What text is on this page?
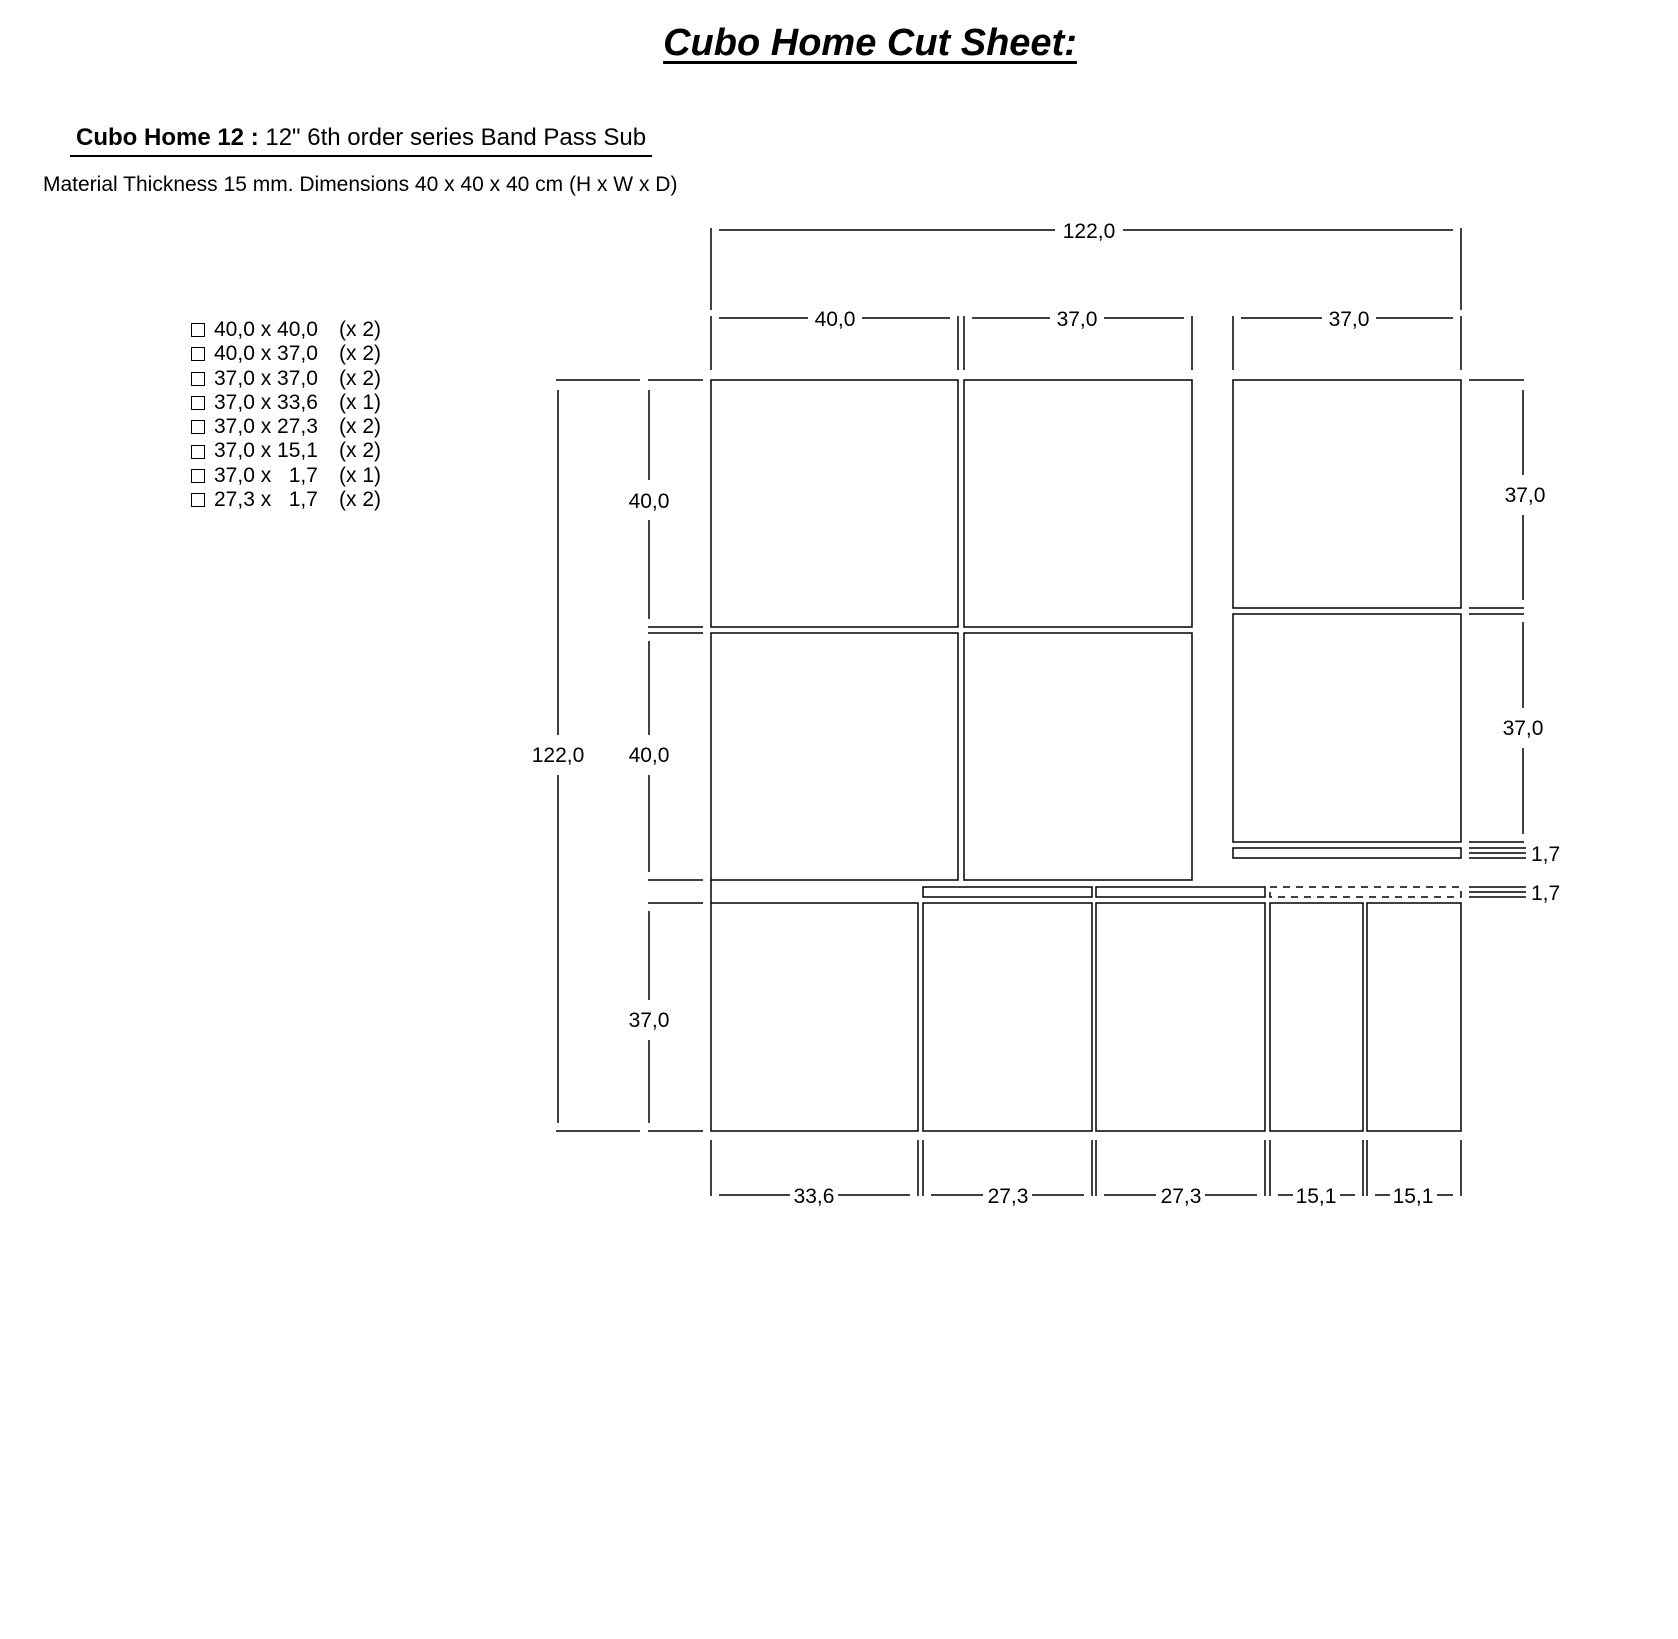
Cubo Home Cut Sheet:
Cubo Home 12 : 12" 6th order series Band Pass Sub
Material Thickness 15 mm. Dimensions 40 x 40 x 40 cm (H x W x D)
40,0 x 40,0	(x 2)
40,0 x 37,0	(x 2)
37,0 x 37,0	(x 2)
37,0 x 33,6	(x 1)
37,0 x 27,3	(x 2)
37,0 x 15,1	(x 2)
37,0 x   1,7	(x 1)
27,3 x   1,7	(x 2)
122,0
40,0	37,0	37,0
122,0
40,0
40,0
37,0
37,0
37,0
1,7
1,7
33,6	27,3	27,3	15,1	15,1
